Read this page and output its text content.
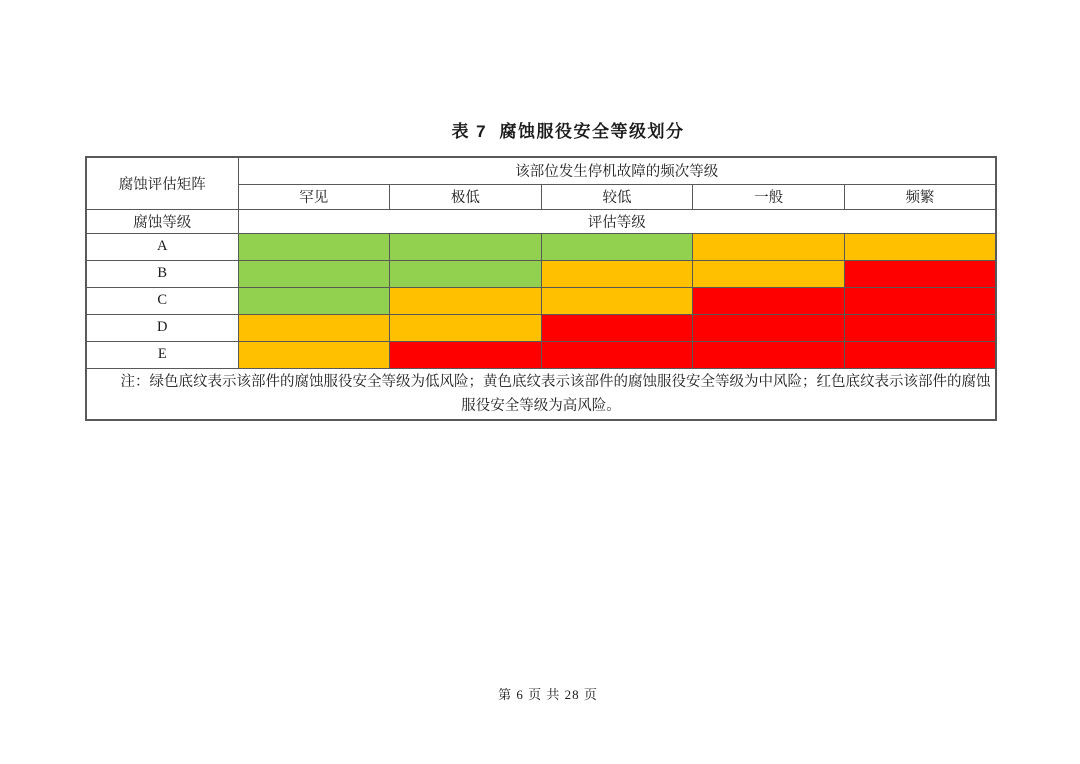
表 7  腐蚀服役安全等级划分
腐蚀评估矩阵	该部位发生停机故障的频次等级				
	罕见	极低	较低	一般	频繁
腐蚀等级	评估等级				
A					
B					
C					
D					
E					

注：绿色底纹表示该部件的腐蚀服役安全等级为低风险；黄色底纹表示该部件的腐蚀服役安全等级为中风险；红色底纹表示该部件的腐蚀服役安全等级为高风险。					
第 6 页 共 28 页
